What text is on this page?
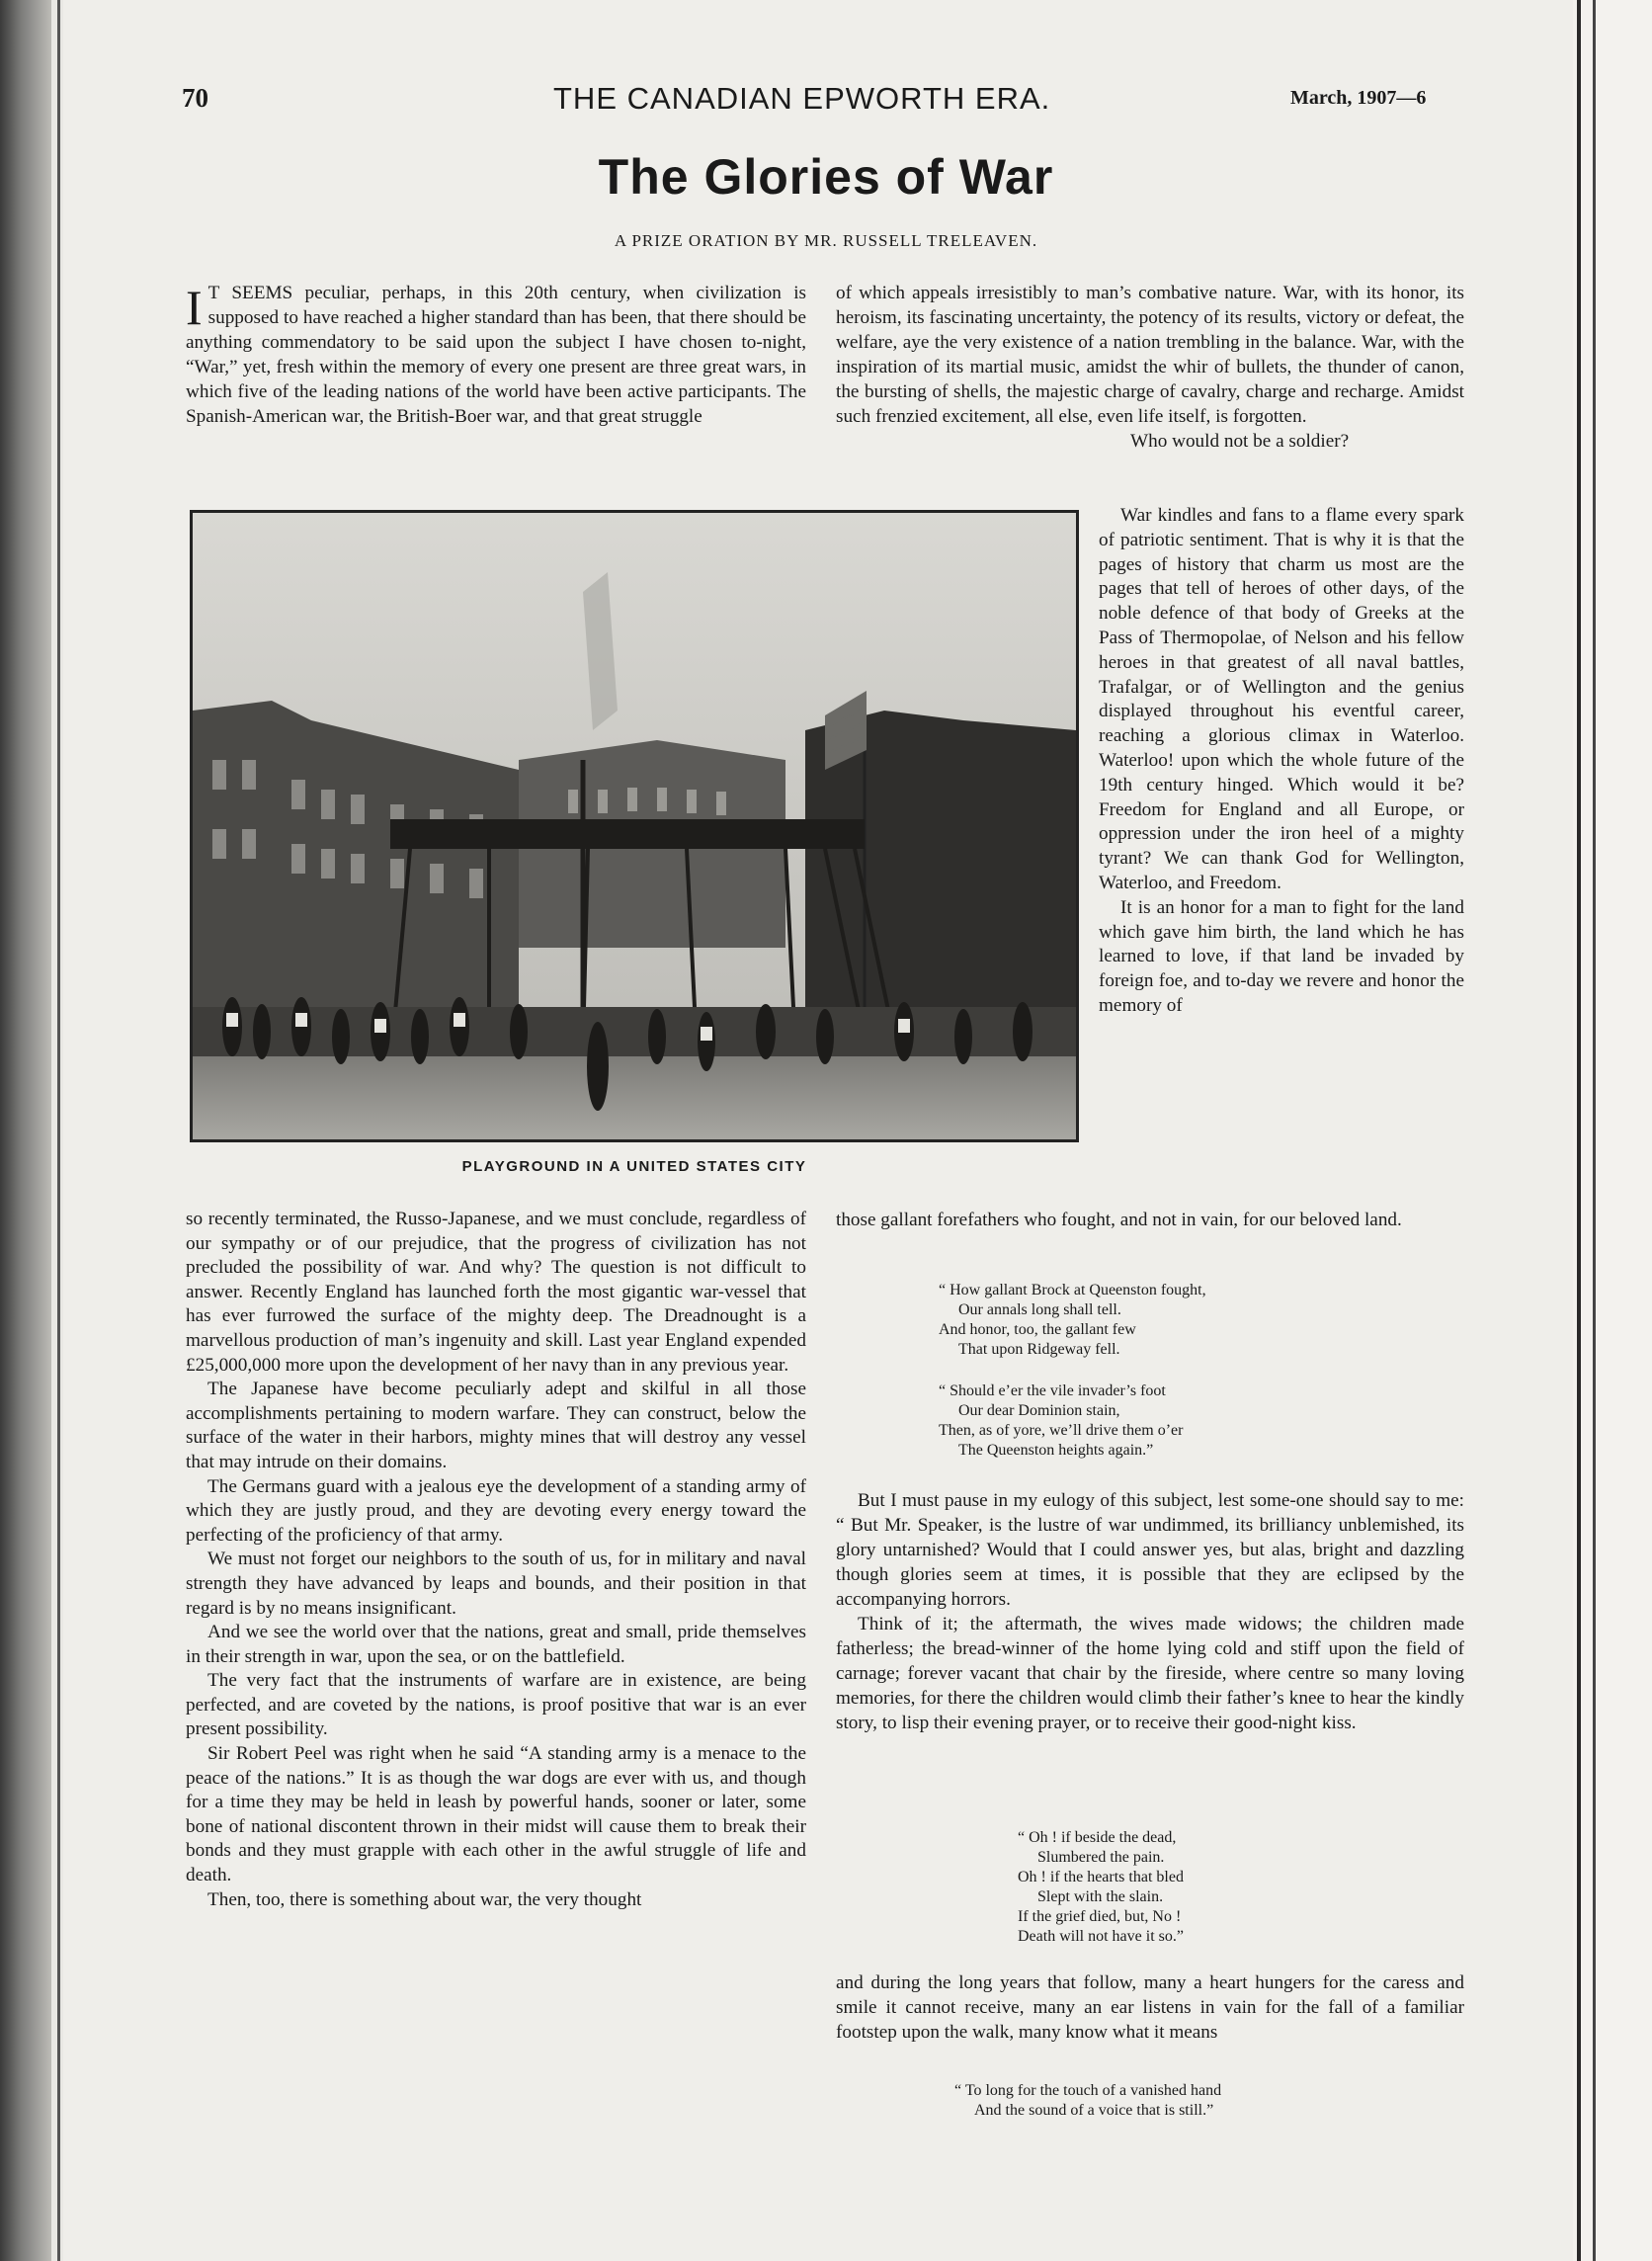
70	THE CANADIAN EPWORTH ERA.	March, 1907—6
The Glories of War
A PRIZE ORATION BY MR. RUSSELL TRELEAVEN.

I T SEEMS peculiar, perhaps, in this 20th century, when civilization is supposed to have reached a higher standard than has been, that there should be anything commendatory to be said upon the subject I have chosen to-night, “War,” yet, fresh within the memory of every one present are three great wars, in which five of the leading nations of the world have been active participants. The Spanish-American war, the British-Boer war, and that great struggle

of which appeals irresistibly to man’s combative nature. War, with its honor, its heroism, its fascinating uncertainty, the potency of its results, victory or defeat, the welfare, aye the very existence of a nation trembling in the balance. War, with the inspiration of its martial music, amidst the whir of bullets, the thunder of canon, the bursting of shells, the majestic charge of cavalry, charge and recharge. Amidst such frenzied excitement, all else, even life itself, is forgotten.

Who would not be a soldier?

PLAYGROUND IN A UNITED STATES CITY

War kindles and fans to a flame every spark of patriotic sentiment. That is why it is that the pages of history that charm us most are the pages that tell of heroes of other days, of the noble defence of that body of Greeks at the Pass of Thermopolae, of Nelson and his fellow heroes in that greatest of all naval battles, Trafalgar, or of Wellington and the genius displayed throughout his eventful career, reaching a glorious climax in Waterloo. Waterloo! upon which the whole future of the 19th century hinged. Which would it be? Freedom for England and all Europe, or oppression under the iron heel of a mighty tyrant? We can thank God for Wellington, Waterloo, and Freedom.

It is an honor for a man to fight for the land which gave him birth, the land which he has learned to love, if that land be invaded by foreign foe, and to-day we revere and honor the memory of

those gallant forefathers who fought, and not in vain, for our beloved land.

“ How gallant Brock at Queenston fought,
Our annals long shall tell.
And honor, too, the gallant few
That upon Ridgeway fell.
“ Should e’er the vile invader’s foot
Our dear Dominion stain,
Then, as of yore, we’ll drive them o’er
The Queenston heights again.”

But I must pause in my eulogy of this subject, lest some-one should say to me: “ But Mr. Speaker, is the lustre of war undimmed, its brilliancy unblemished, its glory untarnished? Would that I could answer yes, but alas, bright and dazzling though glories seem at times, it is possible that they are eclipsed by the accompanying horrors.

Think of it; the aftermath, the wives made widows; the children made fatherless; the bread-winner of the home lying cold and stiff upon the field of carnage; forever vacant that chair by the fireside, where centre so many loving memories, for there the children would climb their father’s knee to hear the kindly story, to lisp their evening prayer, or to receive their good-night kiss.

“ Oh ! if beside the dead,
Slumbered the pain.
Oh ! if the hearts that bled
Slept with the slain.
If the grief died, but, No !
Death will not have it so.”

and during the long years that follow, many a heart hungers for the caress and smile it cannot receive, many an ear listens in vain for the fall of a familiar footstep upon the walk, many know what it means

“ To long for the touch of a vanished hand
And the sound of a voice that is still.”

so recently terminated, the Russo-Japanese, and we must conclude, regardless of our sympathy or of our prejudice, that the progress of civilization has not precluded the possibility of war. And why? The question is not difficult to answer. Recently England has launched forth the most gigantic war-vessel that has ever furrowed the surface of the mighty deep. The Dreadnought is a marvellous production of man’s ingenuity and skill. Last year England expended £25,000,000 more upon the development of her navy than in any previous year.

The Japanese have become peculiarly adept and skilful in all those accomplishments pertaining to modern warfare. They can construct, below the surface of the water in their harbors, mighty mines that will destroy any vessel that may intrude on their domains.

The Germans guard with a jealous eye the development of a standing army of which they are justly proud, and they are devoting every energy toward the perfecting of the proficiency of that army.

We must not forget our neighbors to the south of us, for in military and naval strength they have advanced by leaps and bounds, and their position in that regard is by no means insignificant.

And we see the world over that the nations, great and small, pride themselves in their strength in war, upon the sea, or on the battlefield.

The very fact that the instruments of warfare are in existence, are being perfected, and are coveted by the nations, is proof positive that war is an ever present possibility.

Sir Robert Peel was right when he said “A standing army is a menace to the peace of the nations.” It is as though the war dogs are ever with us, and though for a time they may be held in leash by powerful hands, sooner or later, some bone of national discontent thrown in their midst will cause them to break their bonds and they must grapple with each other in the awful struggle of life and death.

Then, too, there is something about war, the very thought
